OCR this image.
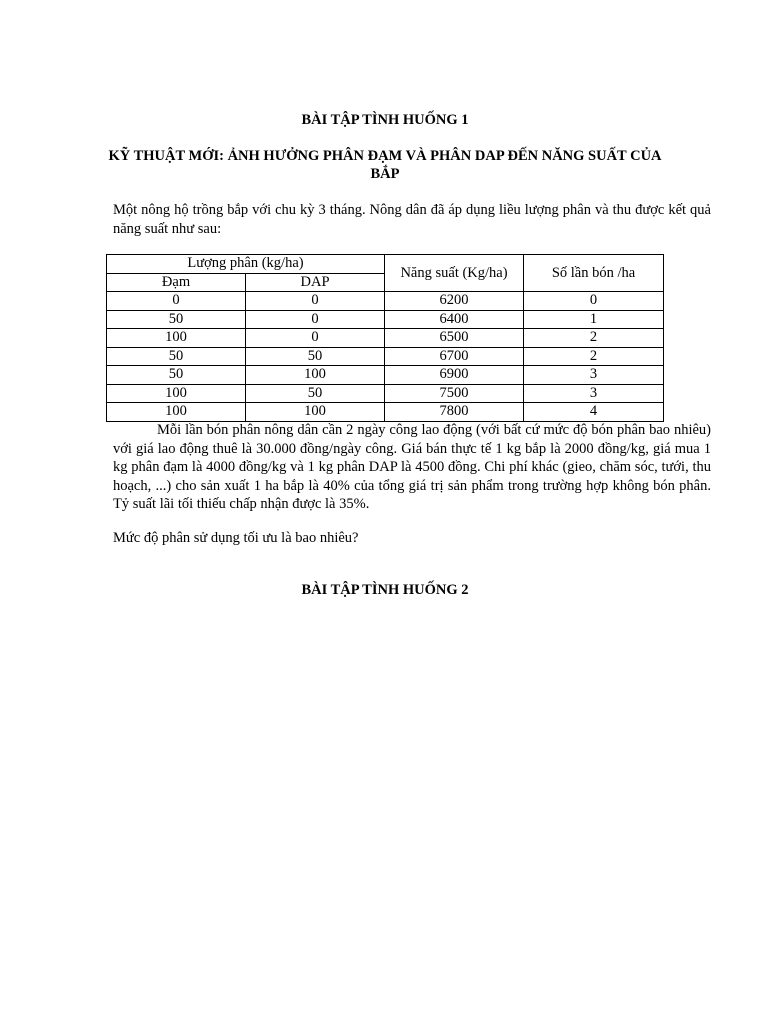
BÀI TẬP TÌNH HUỐNG 1
KỸ THUẬT MỚI: ẢNH HƯỞNG PHÂN ĐẠM VÀ PHÂN DAP ĐẾN NĂNG SUẤT CỦA BẮP
Một nông hộ trồng bắp với chu kỳ 3 tháng. Nông dân đã áp dụng liều lượng phân và thu được kết quả năng suất như sau:
Lượng phân (kg/ha)		Năng suất (Kg/ha)	Số lần bón /ha
Đạm	DAP		
0	0	6200	0
50	0	6400	1
100	0	6500	2
50	50	6700	2
50	100	6900	3
100	50	7500	3
100	100	7800	4
Mỗi lần bón phân nông dân cần 2 ngày công lao động (với bất cứ mức độ bón phân bao nhiêu) với giá lao động thuê là 30.000 đồng/ngày công. Giá bán thực tế 1 kg bắp là 2000 đồng/kg, giá mua 1 kg phân đạm là 4000 đồng/kg và 1 kg phân DAP là 4500 đồng. Chi phí khác (gieo, chăm sóc, tưới, thu hoạch, ...) cho sản xuất 1 ha bắp là 40% của tổng giá trị sản phẩm trong trường hợp không bón phân. Tỷ suất lãi tối thiếu chấp nhận được là 35%.
Mức độ phân sử dụng tối ưu là bao nhiêu?
BÀI TẬP TÌNH HUỐNG 2
